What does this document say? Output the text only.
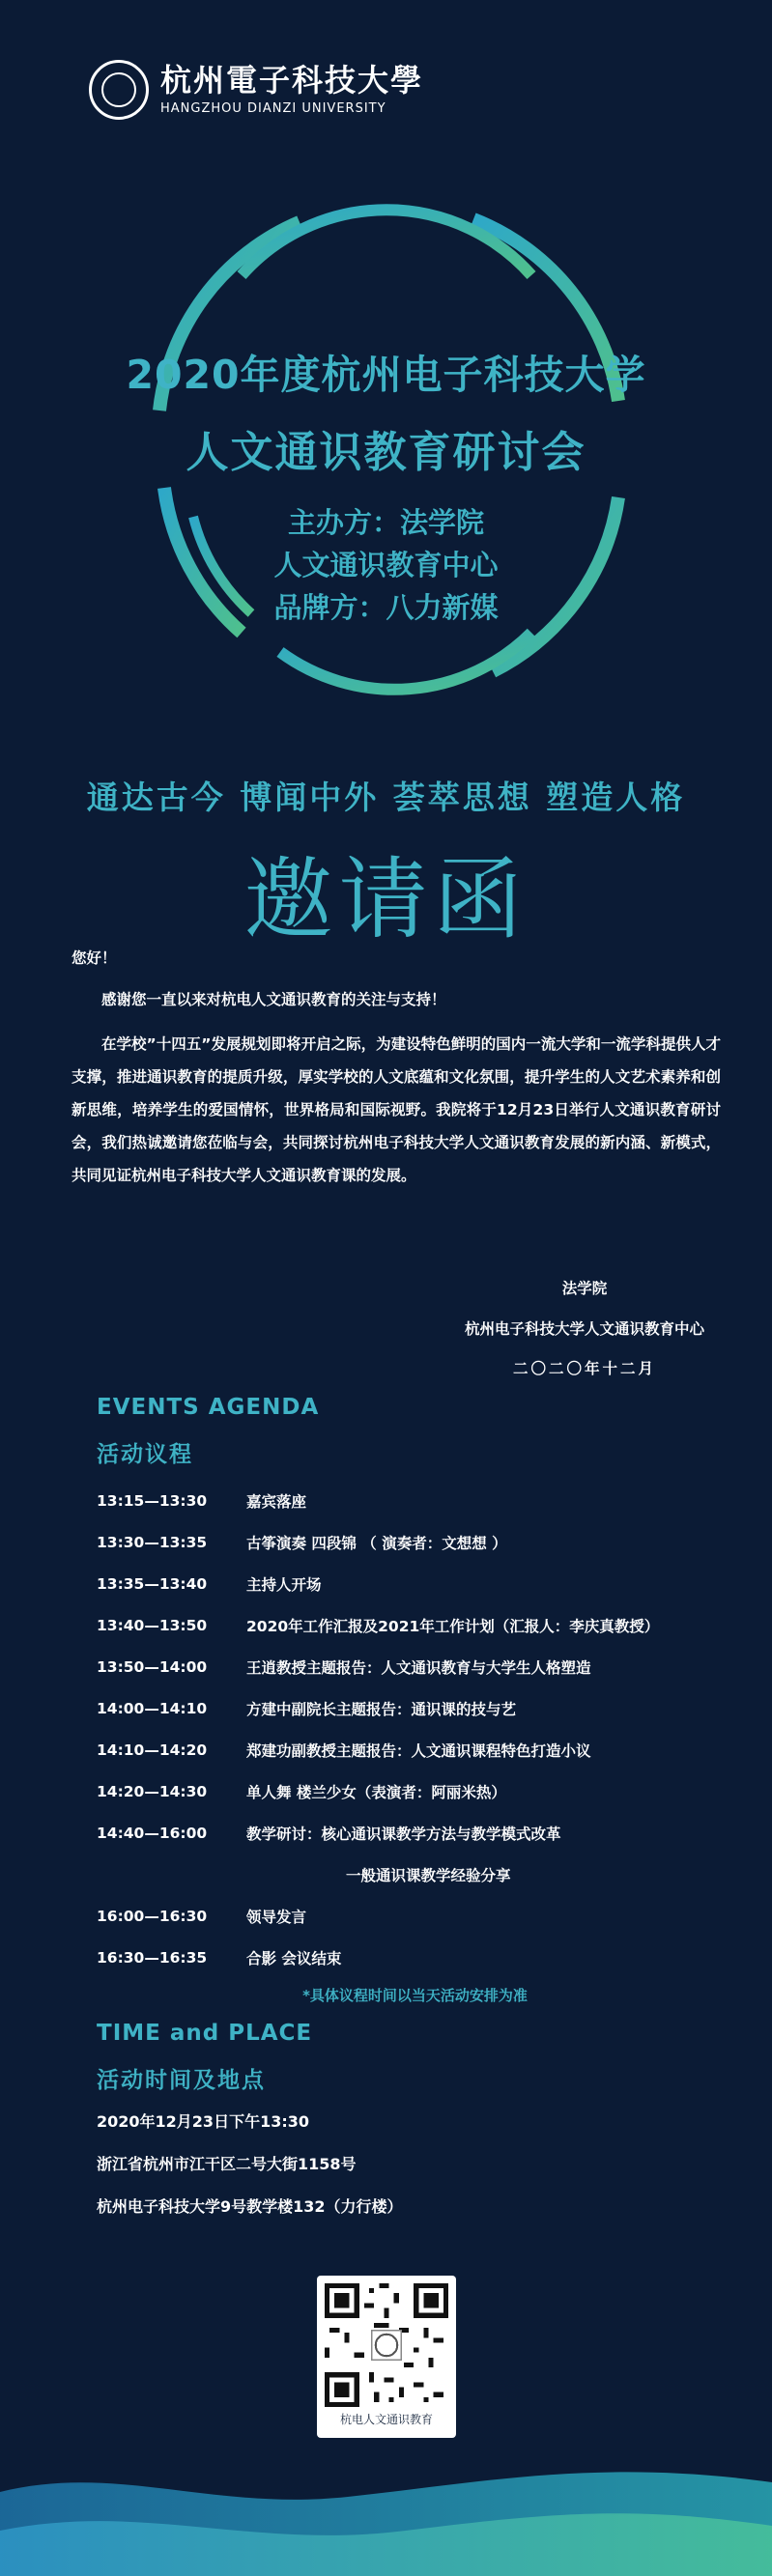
杭州電子科技大學
HANGZHOU DIANZI UNIVERSITY
2020年度杭州电子科技大学
人文通识教育研讨会
主办方：法学院
人文通识教育中心
品牌方：八力新媒
通达古今 博闻中外 荟萃思想 塑造人格
邀请函
您好！
感谢您一直以来对杭电人文通识教育的关注与支持！
在学校”十四五”发展规划即将开启之际，为建设特色鲜明的国内一流大学和一流学科提供人才支撑，推进通识教育的提质升级，厚实学校的人文底蕴和文化氛围，提升学生的人文艺术素养和创新思维，培养学生的爱国情怀，世界格局和国际视野。我院将于12月23日举行人文通识教育研讨会，我们热诚邀请您莅临与会，共同探讨杭州电子科技大学人文通识教育发展的新内涵、新模式，共同见证杭州电子科技大学人文通识教育课的发展。
法学院
杭州电子科技大学人文通识教育中心
二〇二〇年十二月
EVENTS AGENDA
活动议程
13:15—13:30	嘉宾落座
13:30—13:35	古筝演奏 四段锦 （ 演奏者：文想想 ）
13:35—13:40	主持人开场
13:40—13:50	2020年工作汇报及2021年工作计划（汇报人：李庆真教授）
13:50—14:00	王逍教授主题报告：人文通识教育与大学生人格塑造
14:00—14:10	方建中副院长主题报告：通识课的技与艺
14:10—14:20	郑建功副教授主题报告：人文通识课程特色打造小议
14:20—14:30	单人舞 楼兰少女（表演者：阿丽米热）
14:40—16:00	教学研讨：核心通识课教学方法与教学模式改革
一般通识课教学经验分享
16:00—16:30	领导发言
16:30—16:35	合影 会议结束
*具体议程时间以当天活动安排为准
TIME and PLACE
活动时间及地点
2020年12月23日下午13:30
浙江省杭州市江干区二号大街1158号
杭州电子科技大学9号教学楼132（力行楼）
杭电人文通识教育
